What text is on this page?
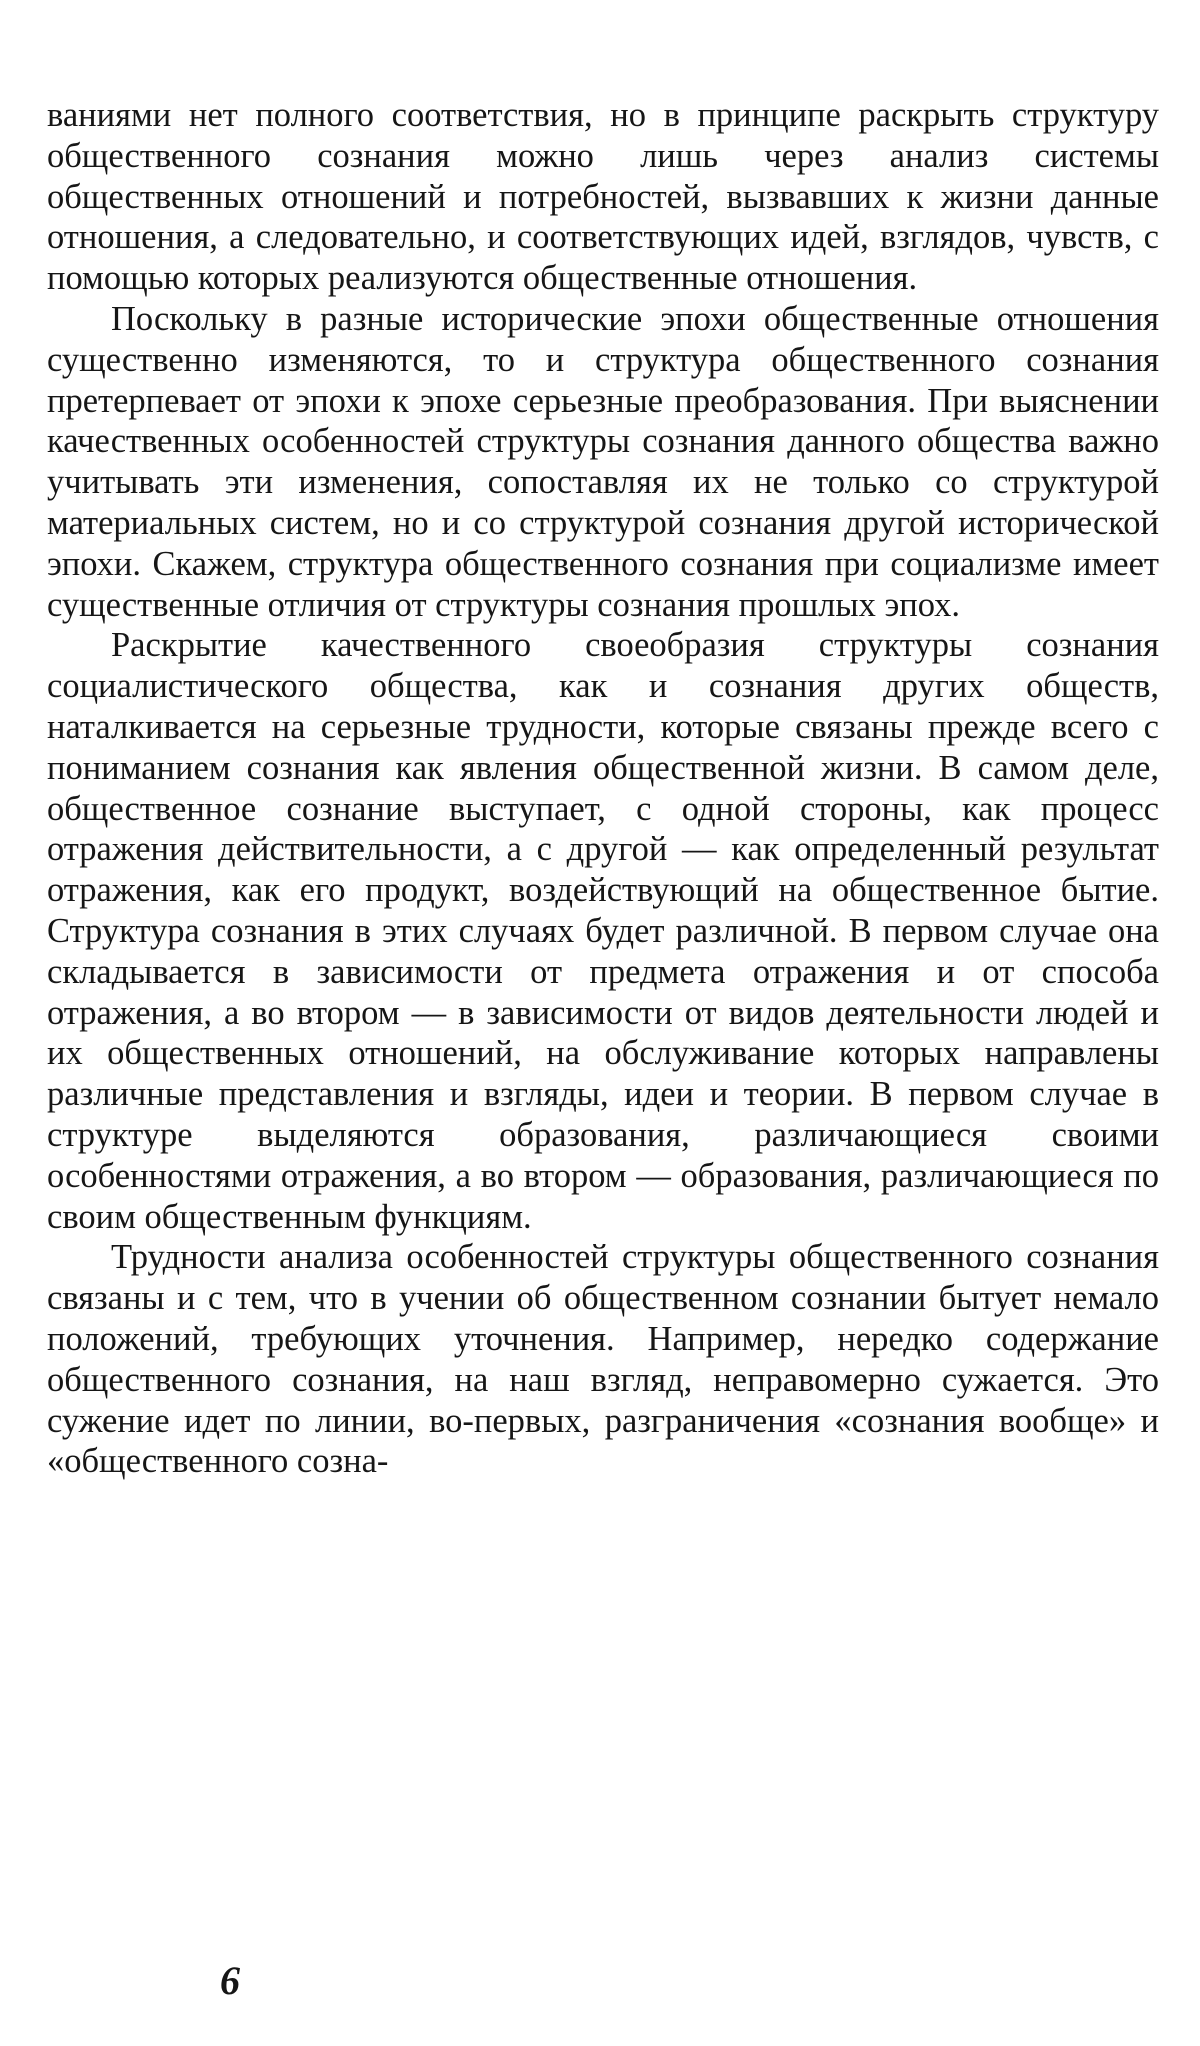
ваниями нет полного соответствия, но в принципе раскрыть структуру общественного сознания можно лишь через анализ системы общественных отношений и потребностей, вызвавших к жизни данные отношения, а следовательно, и соответствующих идей, взглядов, чувств, с помощью которых реализуются общественные отношения.

Поскольку в разные исторические эпохи общественные отношения существенно изменяются, то и структура общественного сознания претерпевает от эпохи к эпохе серьезные преобразования. При выяснении качественных особенностей структуры сознания данного общества важно учитывать эти изменения, сопоставляя их не только со структурой материальных систем, но и со структурой сознания другой исторической эпохи. Скажем, структура общественного сознания при социализме имеет существенные отличия от структуры сознания прошлых эпох.

Раскрытие качественного своеобразия структуры сознания социалистического общества, как и сознания других обществ, наталкивается на серьезные трудности, которые связаны прежде всего с пониманием сознания как явления общественной жизни. В самом деле, общественное сознание выступает, с одной стороны, как процесс отражения действительности, а с другой — как определенный результат отражения, как его продукт, воздействующий на общественное бытие. Структура сознания в этих случаях будет различной. В первом случае она складывается в зависимости от предмета отражения и от способа отражения, а во втором — в зависимости от видов деятельности людей и их общественных отношений, на обслуживание которых направлены различные представления и взгляды, идеи и теории. В первом случае в структуре выделяются образования, различающиеся своими особенностями отражения, а во втором — образования, различающиеся по своим общественным функциям.

Трудности анализа особенностей структуры общественного сознания связаны и с тем, что в учении об общественном сознании бытует немало положений, требующих уточнения. Например, нередко содержание общественного сознания, на наш взгляд, неправомерно сужается. Это сужение идет по линии, во-первых, разграничения «сознания вообще» и «общественного созна-

6
